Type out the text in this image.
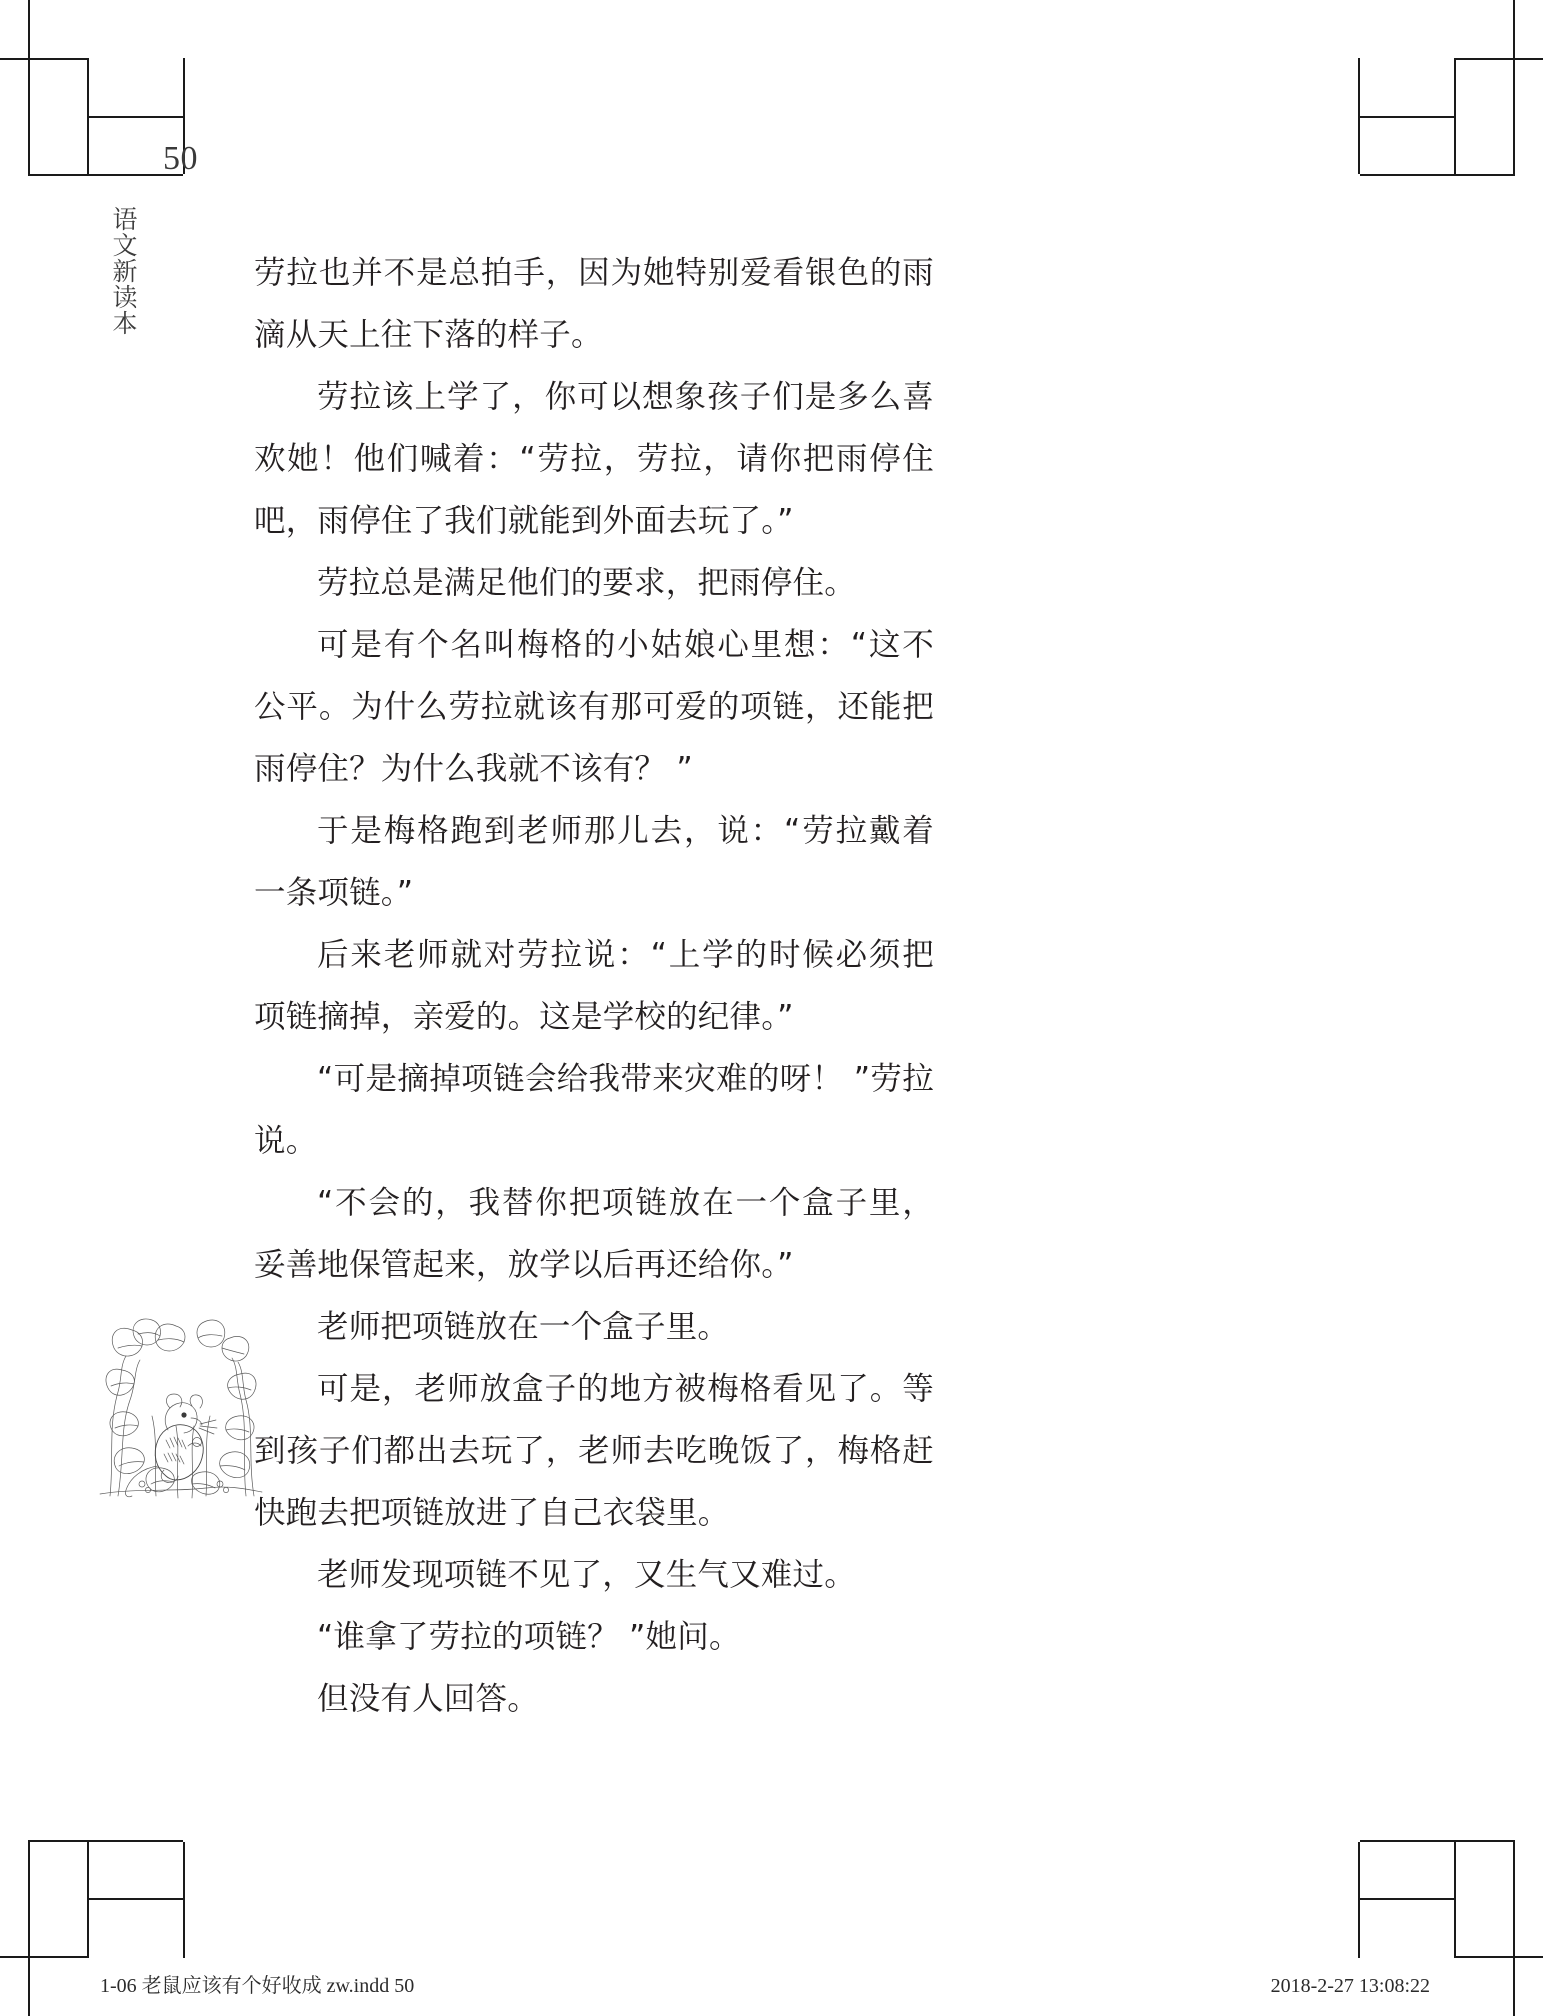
50
语文新读本	劳拉也并不是总拍手，因为她特别爱看银色的雨滴从天上往下落的样子。

劳拉该上学了，你可以想象孩子们是多么喜欢她！他们喊着：“劳拉，劳拉，请你把雨停住吧，雨停住了我们就能到外面去玩了。”

劳拉总是满足他们的要求，把雨停住。

可是有个名叫梅格的小姑娘心里想：“这不公平。为什么劳拉就该有那可爱的项链，还能把雨停住？为什么我就不该有？ ”

于是梅格跑到老师那儿去，说：“劳拉戴着一条项链。”

后来老师就对劳拉说：“上学的时候必须把项链摘掉，亲爱的。这是学校的纪律。”

“可是摘掉项链会给我带来灾难的呀！ ”劳拉说。

“不会的，我替你把项链放在一个盒子里，妥善地保管起来，放学以后再还给你。”

老师把项链放在一个盒子里。

可是，老师放盒子的地方被梅格看见了。等到孩子们都出去玩了，老师去吃晚饭了，梅格赶快跑去把项链放进了自己衣袋里。

老师发现项链不见了，又生气又难过。

“谁拿了劳拉的项链？ ”她问。

但没有人回答。

1-06 老鼠应该有个好收成 zw.indd 50	2018-2-27 13:08:22
